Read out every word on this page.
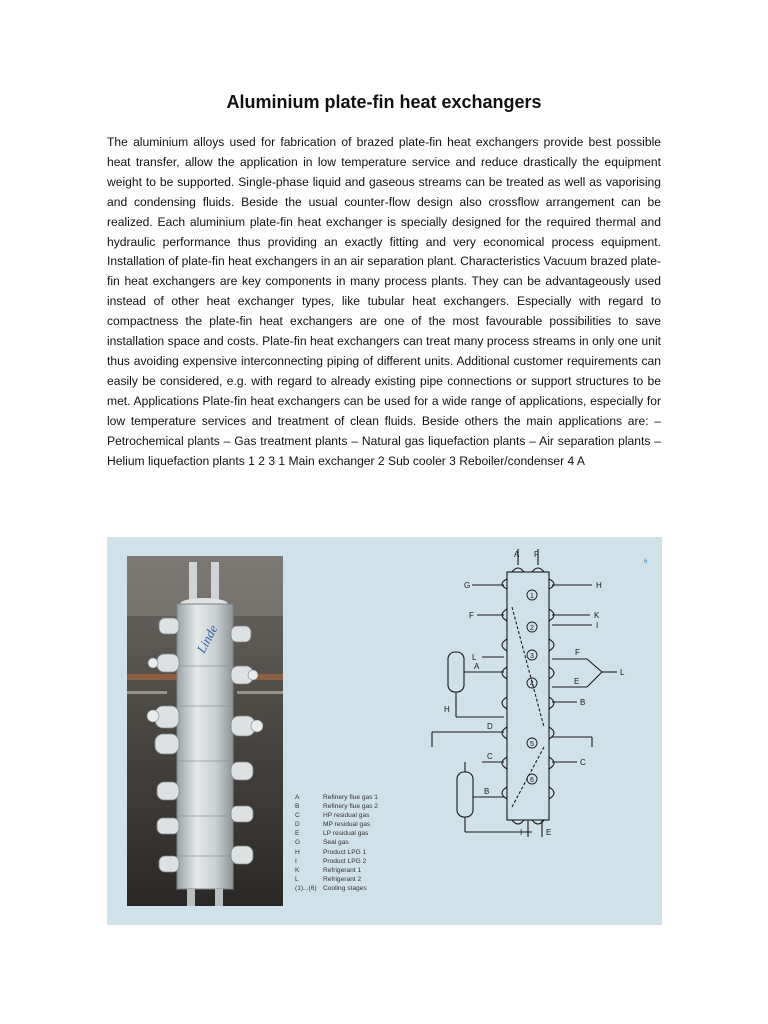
Aluminium plate-fin heat exchangers

The aluminium alloys used for fabrication of brazed plate-fin heat exchangers provide best possible heat transfer, allow the application in low temperature service and reduce drastically the equipment weight to be supported. Single-phase liquid and gaseous streams can be treated as well as vaporising and condensing fluids. Beside the usual counter-flow design also crossflow arrangement can be realized. Each aluminium plate-fin heat exchanger is specially designed for the required thermal and hydraulic performance thus providing an exactly fitting and very economical process equipment. Installation of plate-fin heat exchangers in an air separation plant. Characteristics Vacuum brazed plate-fin heat exchangers are key components in many process plants. They can be advantageously used instead of other heat exchanger types, like tubular heat exchangers. Especially with regard to compactness the plate-fin heat exchangers are one of the most favourable possibilities to save installation space and costs. Plate-fin heat exchangers can treat many process streams in only one unit thus avoiding expensive interconnecting piping of different units. Additional customer requirements can easily be considered, e.g. with regard to already existing pipe connections or support structures to be met. Applications Plate-fin heat exchangers can be used for a wide range of applications, especially for low temperature services and treatment of clean fluids. Beside others the main applications are: – Petrochemical plants – Gas treatment plants – Natural gas liquefaction plants – Air separation plants – Helium liquefaction plants 1 2 3 1 Main exchanger 2 Sub cooler 3 Reboiler/condenser 4 A

Linde
1
2
3
4
5
6
A F
G
F
L
A
H
D
C
B
H
K
I
F
L
E
B
C
I	E
6
A	Refinery flue gas 1
B	Refinery flue gas 2
C	HP residual gas
D	MP residual gas
E	LP residual gas
G	Seal gas
H	Product LPG 1
I	Product LPG 2
K	Refrigerant 1
L	Refrigerant 2
(1)...(6) Cooling stages
